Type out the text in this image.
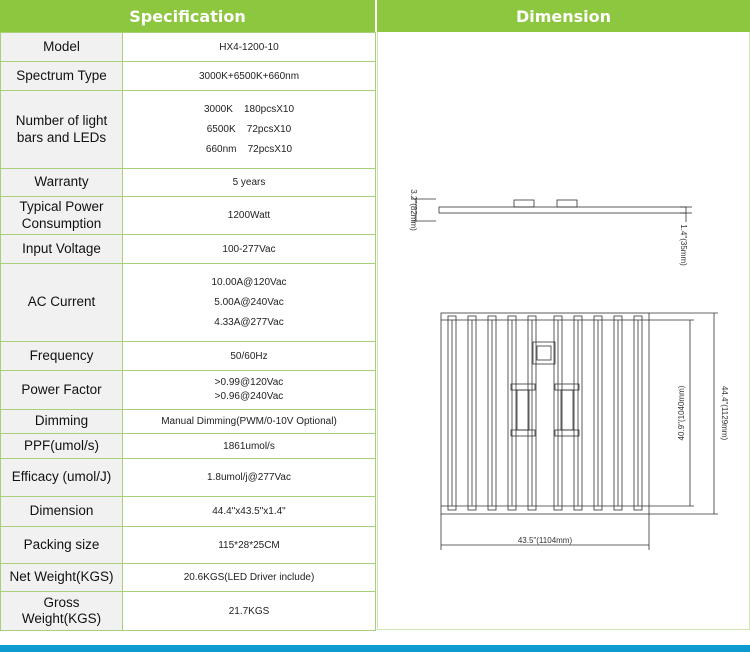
Specification	Dimension
Model	HX4-1200-10
Spectrum Type	3000K+6500K+660nm
Number of light bars and LEDs	3000K    180pcsX10
6500K    72pcsX10
660nm    72pcsX10

Warranty	5 years
Typical Power Consumption	1200Watt
Input Voltage	100-277Vac
AC Current	10.00A@120Vac
5.00A@240Vac
4.33A@277Vac

Frequency	50/60Hz
Power Factor	>0.99@120Vac
>0.96@240Vac

Dimming	Manual Dimming(PWM/0-10V Optional)
PPF(umol/s)	1861umol/s
Efficacy (umol/J)	1.8umol/j@277Vac
Dimension	44.4"x43.5"x1.4"
Packing size	115*28*25CM
Net Weight(KGS)	20.6KGS(LED Driver include)
Gross Weight(KGS)	21.7KGS
3.2"(82mm)
1.4"(35mm)
40.9"(1040mm)	44.4"(1129mm)
43.5"(1104mm)
